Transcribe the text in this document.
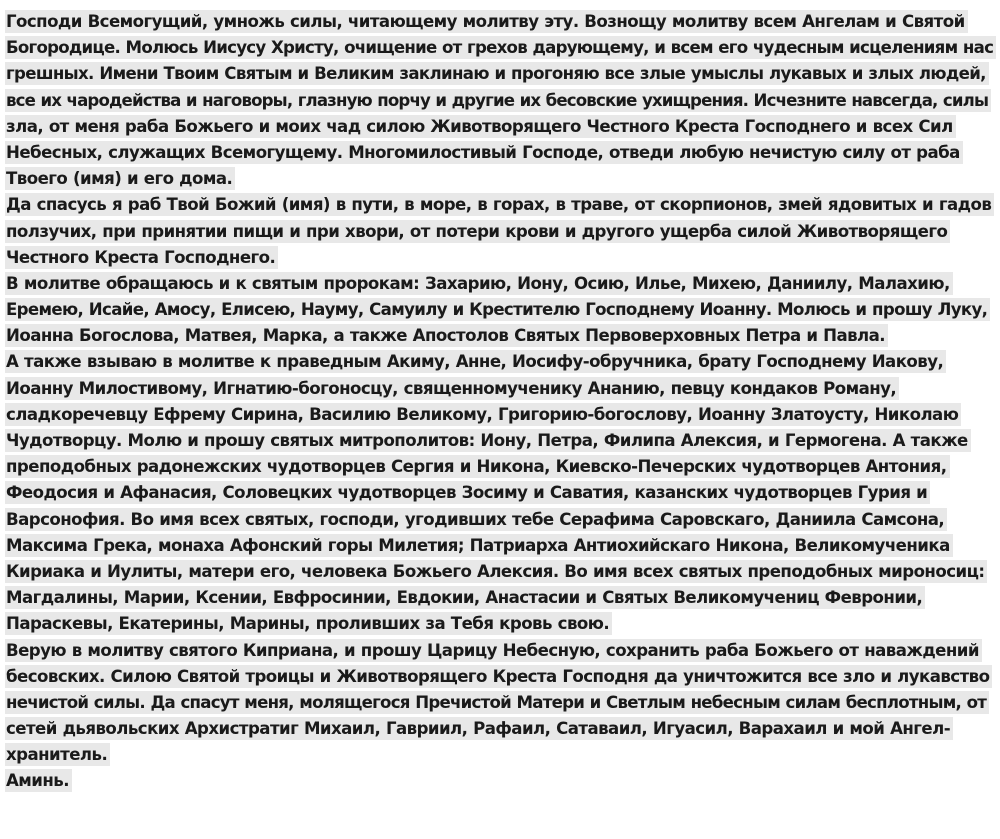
Господи Всемогущий, умножь силы, читающему молитву эту. Вознощу молитву всем Ангелам и Святой
Богородице. Молюсь Иисусу Христу, очищение от грехов дарующему, и всем его чудесным исцелениям нас
грешных. Имени Твоим Святым и Великим заклинаю и прогоняю все злые умыслы лукавых и злых людей,
все их чародейства и наговоры, глазную порчу и другие их бесовские ухищрения. Исчезните навсегда, силы
зла, от меня раба Божьего и моих чад силою Животворящего Честного Креста Господнего и всех Сил
Небесных, служащих Всемогущему. Многомилостивый Господе, отведи любую нечистую силу от раба
Твоего (имя) и его дома.
Да спасусь я раб Твой Божий (имя) в пути, в море, в горах, в траве, от скорпионов, змей ядовитых и гадов
ползучих, при принятии пищи и при хвори, от потери крови и другого ущерба силой Животворящего
Честного Креста Господнего.
В молитве обращаюсь и к святым пророкам: Захарию, Иону, Осию, Илье, Михею, Даниилу, Малахию,
Еремею, Исайе, Амосу, Елисею, Науму, Самуилу и Крестителю Господнему Иоанну. Молюсь и прошу Луку,
Иоанна Богослова, Матвея, Марка, а также Апостолов Святых Первоверховных Петра и Павла.
А также взываю в молитве к праведным Акиму, Анне, Иосифу-обручника, брату Господнему Иакову,
Иоанну Милостивому, Игнатию-богоносцу, священномученику Ананию, певцу кондаков Роману,
сладкоречевцу Ефрему Сирина, Василию Великому, Григорию-богослову, Иоанну Златоусту, Николаю
Чудотворцу. Молю и прошу святых митрополитов: Иону, Петра, Филипа Алексия, и Гермогена. А также
преподобных радонежских чудотворцев Сергия и Никона, Киевско-Печерских чудотворцев Антония,
Феодосия и Афанасия, Соловецких чудотворцев Зосиму и Саватия, казанских чудотворцев Гурия и
Варсонофия. Во имя всех святых, господи, угодивших тебе Серафима Саровскаго, Даниила Самсона,
Максима Грека, монаха Афонский горы Милетия; Патриарха Антиохийскаго Никона, Великомученика
Кириака и Иулиты, матери его, человека Божьего Алексия. Во имя всех святых преподобных мироносиц:
Магдалины, Марии, Ксении, Евфросинии, Евдокии, Анастасии и Святых Великомучениц Февронии,
Параскевы, Екатерины, Марины, проливших за Тебя кровь свою.
Верую в молитву святого Киприана, и прошу Царицу Небесную, сохранить раба Божьего от наваждений
бесовских. Силою Святой троицы и Животворящего Креста Господня да уничтожится все зло и лукавство
нечистой силы. Да спасут меня, молящегося Пречистой Матери и Светлым небесным силам бесплотным, от
сетей дьявольских Архистратиг Михаил, Гавриил, Рафаил, Сатаваил, Игуасил, Варахаил и мой Ангел-
хранитель.
Аминь.
